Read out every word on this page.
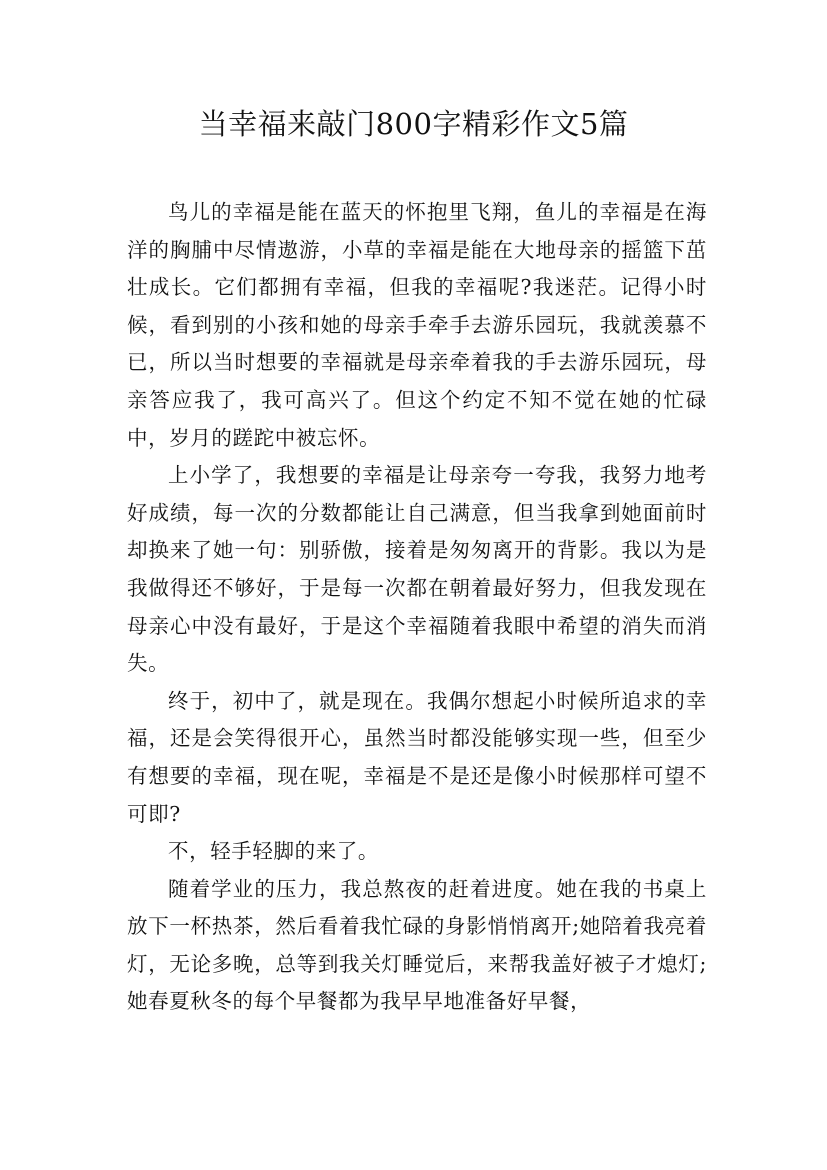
当幸福来敲门800字精彩作文5篇

鸟儿的幸福是能在蓝天的怀抱里飞翔，鱼儿的幸福是在海洋的胸脯中尽情遨游，小草的幸福是能在大地母亲的摇篮下茁壮成长。它们都拥有幸福，但我的幸福呢?我迷茫。记得小时候，看到别的小孩和她的母亲手牵手去游乐园玩，我就羡慕不已，所以当时想要的幸福就是母亲牵着我的手去游乐园玩，母亲答应我了，我可高兴了。但这个约定不知不觉在她的忙碌中，岁月的蹉跎中被忘怀。

上小学了，我想要的幸福是让母亲夸一夸我，我努力地考好成绩，每一次的分数都能让自己满意，但当我拿到她面前时却换来了她一句：别骄傲，接着是匆匆离开的背影。我以为是我做得还不够好，于是每一次都在朝着最好努力，但我发现在母亲心中没有最好，于是这个幸福随着我眼中希望的消失而消失。

终于，初中了，就是现在。我偶尔想起小时候所追求的幸福，还是会笑得很开心，虽然当时都没能够实现一些，但至少有想要的幸福，现在呢，幸福是不是还是像小时候那样可望不可即?

不，轻手轻脚的来了。

随着学业的压力，我总熬夜的赶着进度。她在我的书桌上放下一杯热茶，然后看着我忙碌的身影悄悄离开;她陪着我亮着灯，无论多晚，总等到我关灯睡觉后，来帮我盖好被子才熄灯;她春夏秋冬的每个早餐都为我早早地准备好早餐，
